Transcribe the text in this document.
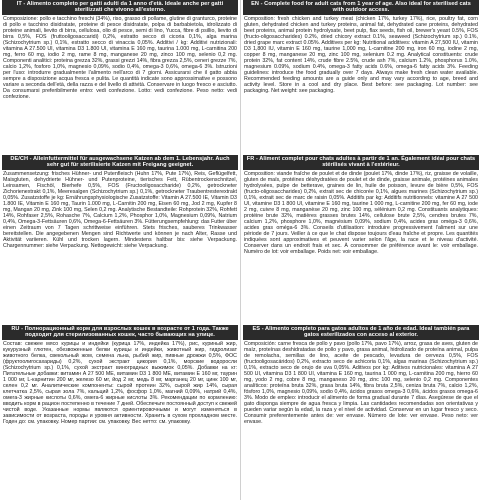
IT - Alimento completo per gatti adulti da 1 anno d'età. Ideale anche per gatti sterilizzati che vivono all'esterno.

Composizione: pollo e tacchino freschi (34%), riso, grasso di pollame, glutine di granturco, proteine di pollo e tacchino disidratate, proteine di pesce disidratate, polpa di barbabietola, idrolizzato di proteine animali, lievito di birra, cellulosa, olio di pesce, semi di lino, Yucca, fibre di psillio, lievito di birra 0,5%, FOS (fruttooligosaccaridi) 0,2%, estratto secco di cicoria 0,1%, alga marina (Schizochytrium sp.) 0,1%, estratto secco di vinaccia 0,05%. Additivi / kg: Additivi nutrizionali: vitamina A 27.500 UI, vitamina D3 1.800 UI, vitamina E 160 mg, taurina 1.000 mg, L-carnitina 200 mg, ferro 60 mg, iodio 2 mg, rame 8 mg, manganese 20 mg, zinco 100 mg, selenio 0,2 mg. Componenti analitici: proteina grezza 32%, grassi grezzi 14%, fibra grezza 2,5%, ceneri grezze 7%, calcio 1,2%, fosforo 1,0%, magnesio 0,09%, sodio 0,4%, omega-3 0,6%, omega-6 3%. Istruzioni per l'uso: introdurre gradualmente l'alimento nell'arco di 7 giorni. Assicurarsi che il gatto abbia sempre a disposizione acqua fresca e pulita. Le quantità indicate sono approssimative e possono variare a seconda dell'età, della razza e del livello di attività. Conservare in luogo fresco e asciutto. Da consumarsi preferibilmente entro: vedi confezione. Lotto: vedi confezione. Peso netto: vedi confezione.

DE/CH - Alleinfuttermittel für ausgewachsene Katzen ab dem 1. Lebensjahr. Auch sehr gut für sterilisierte Katzen mit Freigang geeignet.

Zusammensetzung: frisches Hühner- und Putenfleisch (Huhn 17%, Pute 17%), Reis, Geflügelfett, Maisgluten, dehydrierte Hühner- und Putenproteine, tierisches Fett, Rübentrockenschnitzel, Leinsamen, Fischöl, Bierhefe 0,5%, FOS (Fructooligosaccharide) 0,2%, getrockneter Zichorienextrakt 0,1%, Meeresalgen (Schizochytrium sp.) 0,1%, getrockneter Traubentresterextrakt 0,05%. Zusatzstoffe je kg: Ernährungsphysiologische Zusatzstoffe: Vitamin A 27.500 IE, Vitamin D3 1.800 IE, Vitamin E 160 mg, Taurin 1.000 mg, L-Carnitin 200 mg, Eisen 60 mg, Jod 2 mg, Kupfer 8 mg, Mangan 20 mg, Zink 100 mg, Selen 0,2 mg. Analytische Bestandteile: Rohprotein 32%, Rohfett 14%, Rohfaser 2,5%, Rohasche 7%, Calcium 1,2%, Phosphor 1,0%, Magnesium 0,09%, Natrium 0,4%, Omega-3-Fettsäuren 0,6%, Omega-6-Fettsäuren 3%. Fütterungsempfehlung: das Futter über einen Zeitraum von 7 Tagen schrittweise einführen. Stets frisches, sauberes Trinkwasser bereitstellen. Die angegebenen Mengen sind Richtwerte und können je nach Alter, Rasse und Aktivität variieren. Kühl und trocken lagern. Mindestens haltbar bis: siehe Verpackung. Chargennummer: siehe Verpackung. Nettogewicht: siehe Verpackung.

RU - Полнорационный корм для взрослых кошек в возрасте от 1 года. Также подходит для стерилизованных кошек, часто бывающих на улице.

Состав: свежее мясо курицы и индейки (курица 17%, индейка 17%), рис, куриный жир, кукурузный глютен, обезвоженные белки курицы и индейки, животный жир, гидролизат животного белка, свекольный жом, семена льна, рыбий жир, пивные дрожжи 0,5%, ФОС (фруктоолигосахариды) 0,2%, сухой экстракт цикория 0,1%, морские водоросли (Schizochytrium sp.) 0,1%, сухой экстракт виноградных выжимок 0,05%. Добавки на кг: Питательные добавки: витамин A 27 500 МЕ, витамин D3 1 800 МЕ, витамин E 160 мг, таурин 1 000 мг, L-карнитин 200 мг, железо 60 мг, йод 2 мг, медь 8 мг, марганец 20 мг, цинк 100 мг, селен 0,2 мг. Аналитические компоненты: сырой протеин 32%, сырой жир 14%, сырая клетчатка 2,5%, сырая зола 7%, кальций 1,2%, фосфор 1,0%, магний 0,09%, натрий 0,4%, омега-3 жирные кислоты 0,6%, омега-6 жирные кислоты 3%. Рекомендации по кормлению: вводить корм в рацион постепенно в течение 7 дней. Обеспечьте постоянный доступ к свежей чистой воде. Указанные нормы являются ориентировочными и могут изменяться в зависимости от возраста, породы и уровня активности. Хранить в сухом прохладном месте. Годен до: см. упаковку. Номер партии: см. упаковку. Вес нетто: см. упаковку.

EN - Complete food for adult cats from 1 year of age. Also ideal for sterilised cats with outdoor access.

Composition: fresh chicken and turkey meat (chicken 17%, turkey 17%), rice, poultry fat, corn gluten, dehydrated chicken and turkey proteins, animal fat, dehydrated cane proteins, dehydrated beet proteins, animal protein hydrolysate, beet pulp, flax seeds, fish oil, brewer's yeast 0.5%, FOS (fructo-oligosaccharides) 0.2%, dried chicory extract 0.1%, seaweed (Schizochytrium sp.) 0.1%, dried grape marc extract 0.05%. Additives per kg: Nutritional additives: vitamin A 27,500 IU, vitamin D3 1,800 IU, vitamin E 160 mg, taurine 1,000 mg, L-carnitine 200 mg, iron 60 mg, iodine 2 mg, copper 8 mg, manganese 20 mg, zinc 100 mg, selenium 0.2 mg. Analytical constituents: crude protein 32%, fat content 14%, crude fibre 2.5%, crude ash 7%, calcium 1.2%, phosphorus 1.0%, magnesium 0.09%, sodium 0.4%, omega-3 fatty acids 0.6%, omega-6 fatty acids 3%. Feeding guidelines: introduce the food gradually over 7 days. Always make fresh clean water available. Recommended feeding amounts are a guide only and may vary according to age, breed and activity level. Store in a cool and dry place. Best before: see packaging. Lot number: see packaging. Net weight: see packaging.

FR - Aliment complet pour chats adultes à partir de 1 an. Également idéal pour chats stérilisés vivant à l'extérieur.

Composition: viande fraîche de poulet et de dinde (poulet 17%, dinde 17%), riz, graisse de volaille, gluten de maïs, protéines déshydratées de poulet et de dinde, graisse animale, protéines animales hydrolysées, pulpe de betterave, graines de lin, huile de poisson, levure de bière 0,5%, FOS (fructo-oligosaccharides) 0,2%, extrait sec de chicorée 0,1%, algues marines (Schizochytrium sp.) 0,1%, extrait sec de marc de raisin 0,05%. Additifs par kg: Additifs nutritionnels: vitamine A 27 500 UI, vitamine D3 1 800 UI, vitamine E 160 mg, taurine 1 000 mg, L-carnitine 200 mg, fer 60 mg, iode 2 mg, cuivre 8 mg, manganèse 20 mg, zinc 100 mg, sélénium 0,2 mg. Constituants analytiques: protéine brute 32%, matières grasses brutes 14%, cellulose brute 2,5%, cendres brutes 7%, calcium 1,2%, phosphore 1,0%, magnésium 0,09%, sodium 0,4%, acides gras oméga-3 0,6%, acides gras oméga-6 3%. Conseils d'utilisation: introduire progressivement l'aliment sur une période de 7 jours. Veiller à ce que le chat dispose toujours d'eau fraîche et propre. Les quantités indiquées sont approximatives et peuvent varier selon l'âge, la race et le niveau d'activité. Conserver dans un endroit frais et sec. À consommer de préférence avant le: voir emballage. Numéro de lot: voir emballage. Poids net: voir emballage.

ES - Alimento completo para gatos adultos de 1 año de edad. Ideal también para gatos esterilizados con acceso al exterior.

Composición: carne fresca de pollo y pavo (pollo 17%, pavo 17%), arroz, grasa de aves, gluten de maíz, proteínas deshidratadas de pollo y pavo, grasa animal, hidrolizado de proteína animal, pulpa de remolacha, semillas de lino, aceite de pescado, levadura de cerveza 0,5%, FOS (fructooligosacáridos) 0,2%, extracto seco de achicoria 0,1%, algas marinas (Schizochytrium sp.) 0,1%, extracto seco de orujo de uva 0,05%. Aditivos por kg: Aditivos nutricionales: vitamina A 27 500 UI, vitamina D3 1 800 UI, vitamina E 160 mg, taurina 1 000 mg, L-carnitina 200 mg, hierro 60 mg, yodo 2 mg, cobre 8 mg, manganeso 20 mg, zinc 100 mg, selenio 0,2 mg. Componentes analíticos: proteína bruta 32%, grasa bruta 14%, fibra bruta 2,5%, ceniza bruta 7%, calcio 1,2%, fósforo 1,0%, magnesio 0,09%, sodio 0,4%, ácidos grasos omega-3 0,6%, ácidos grasos omega-6 3%. Modo de empleo: introducir el alimento de forma gradual durante 7 días. Asegúrese de que el gato disponga siempre de agua fresca y limpia. Las cantidades recomendadas son orientativas y pueden variar según la edad, la raza y el nivel de actividad. Conservar en un lugar fresco y seco. Consumir preferentemente antes de: ver envase. Número de lote: ver envase. Peso neto: ver envase.
